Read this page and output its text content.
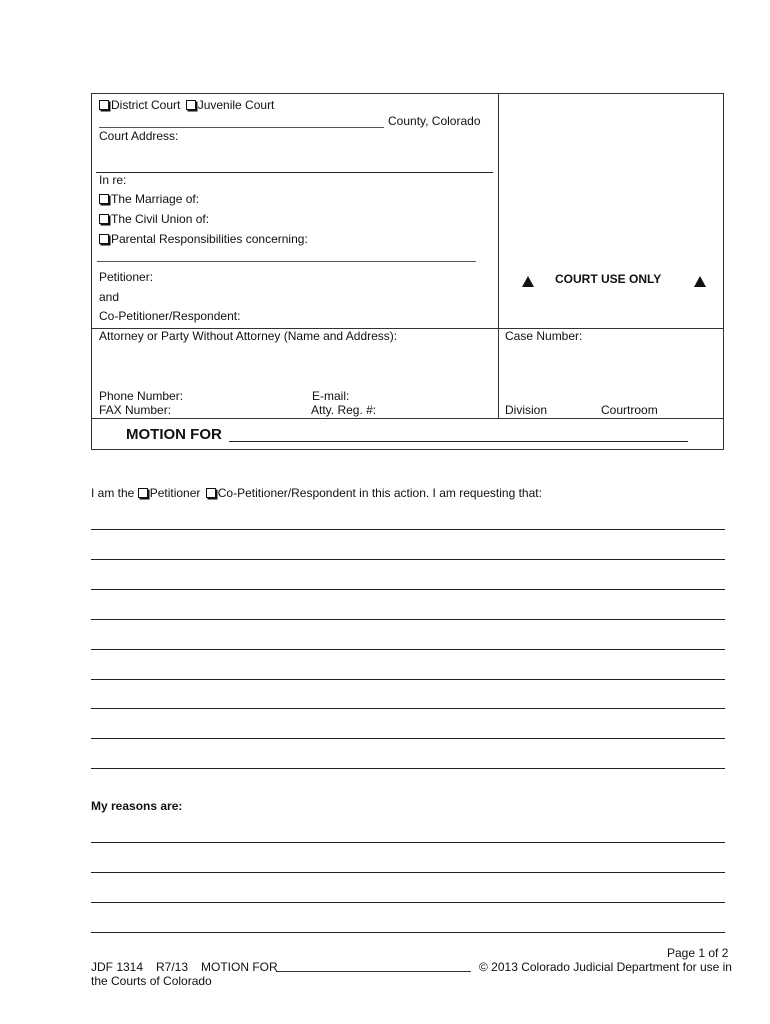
District Court Juvenile Court
County, Colorado
Court Address:
In re:
The Marriage of:
The Civil Union of:
Parental Responsibilities concerning:
Petitioner:
and
Co-Petitioner/Respondent:
COURT USE ONLY
Attorney or Party Without Attorney (Name and Address):
Phone Number:	E-mail:
FAX Number:	Atty. Reg. #:
Case Number:
Division	Courtroom
MOTION FOR
I am the Petitioner Co-Petitioner/Respondent in this action. I am requesting that:
My reasons are:
Page 1 of 2
JDF 1314 R7/13 MOTION FOR	© 2013 Colorado Judicial Department for use in
the Courts of Colorado
